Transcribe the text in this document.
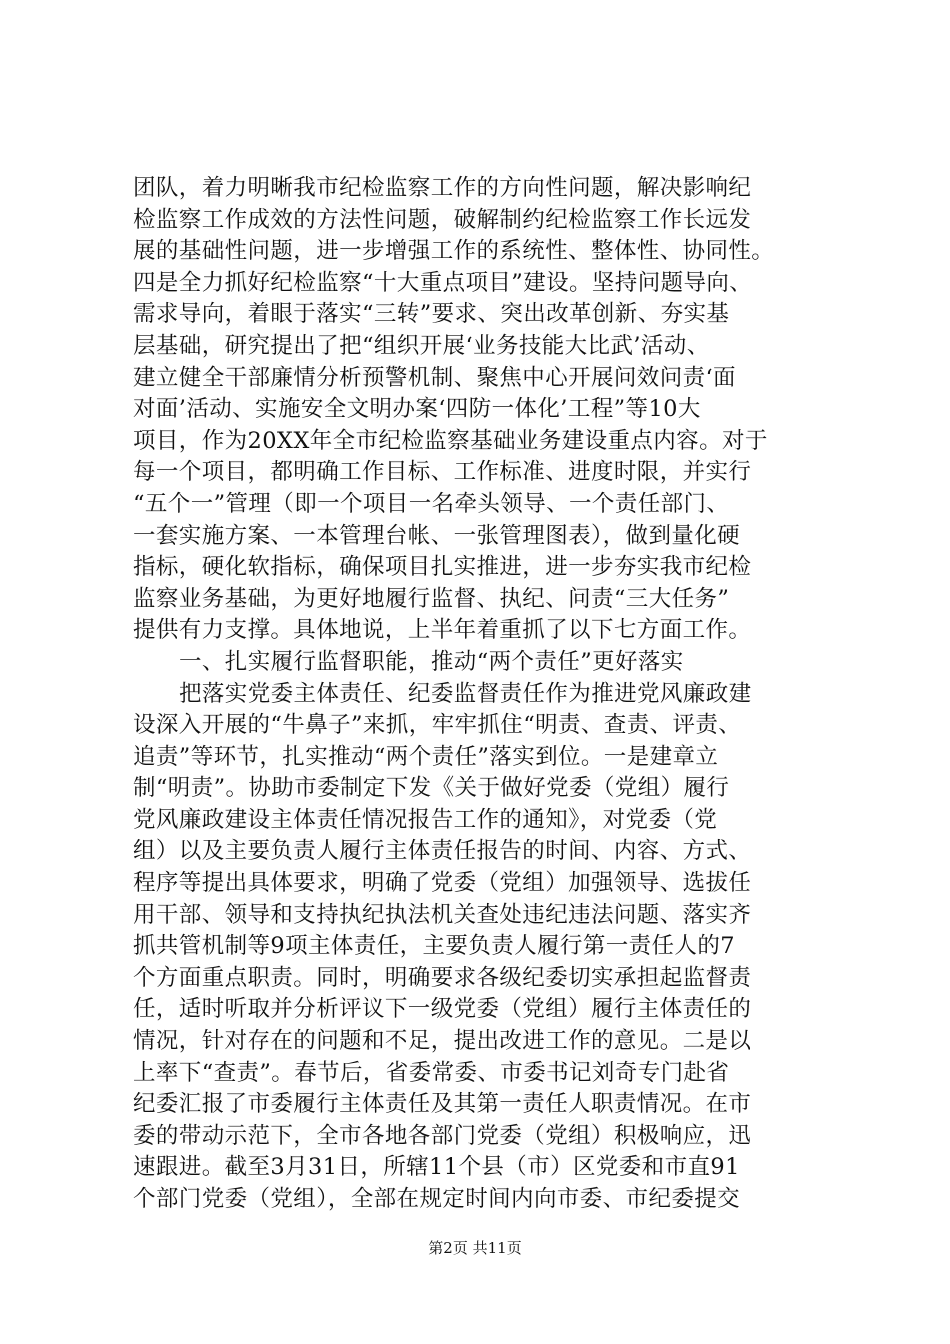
团队，着力明晰我市纪检监察工作的方向性问题，解决影响纪
检监察工作成效的方法性问题，破解制约纪检监察工作长远发
展的基础性问题，进一步增强工作的系统性、整体性、协同性。
四是全力抓好纪检监察“十大重点项目”建设。坚持问题导向、
需求导向，着眼于落实“三转”要求、突出改革创新、夯实基
层基础，研究提出了把“组织开展‘业务技能大比武’活动、
建立健全干部廉情分析预警机制、聚焦中心开展问效问责‘面
对面’活动、实施安全文明办案‘四防一体化’工程”等10大
项目，作为20XX年全市纪检监察基础业务建设重点内容。对于
每一个项目，都明确工作目标、工作标准、进度时限，并实行
“五个一”管理（即一个项目一名牵头领导、一个责任部门、
一套实施方案、一本管理台帐、一张管理图表），做到量化硬
指标，硬化软指标，确保项目扎实推进，进一步夯实我市纪检
监察业务基础，为更好地履行监督、执纪、问责“三大任务”
提供有力支撑。具体地说，上半年着重抓了以下七方面工作。
一、扎实履行监督职能，推动“两个责任”更好落实
把落实党委主体责任、纪委监督责任作为推进党风廉政建
设深入开展的“牛鼻子”来抓，牢牢抓住“明责、查责、评责、
追责”等环节，扎实推动“两个责任”落实到位。一是建章立
制“明责”。协助市委制定下发《关于做好党委（党组）履行
党风廉政建设主体责任情况报告工作的通知》，对党委（党
组）以及主要负责人履行主体责任报告的时间、内容、方式、
程序等提出具体要求，明确了党委（党组）加强领导、选拔任
用干部、领导和支持执纪执法机关查处违纪违法问题、落实齐
抓共管机制等9项主体责任，主要负责人履行第一责任人的7
个方面重点职责。同时，明确要求各级纪委切实承担起监督责
任，适时听取并分析评议下一级党委（党组）履行主体责任的
情况，针对存在的问题和不足，提出改进工作的意见。二是以
上率下“查责”。春节后，省委常委、市委书记刘奇专门赴省
纪委汇报了市委履行主体责任及其第一责任人职责情况。在市
委的带动示范下，全市各地各部门党委（党组）积极响应，迅
速跟进。截至3月31日，所辖11个县（市）区党委和市直91
个部门党委（党组），全部在规定时间内向市委、市纪委提交
第2页 共11页
